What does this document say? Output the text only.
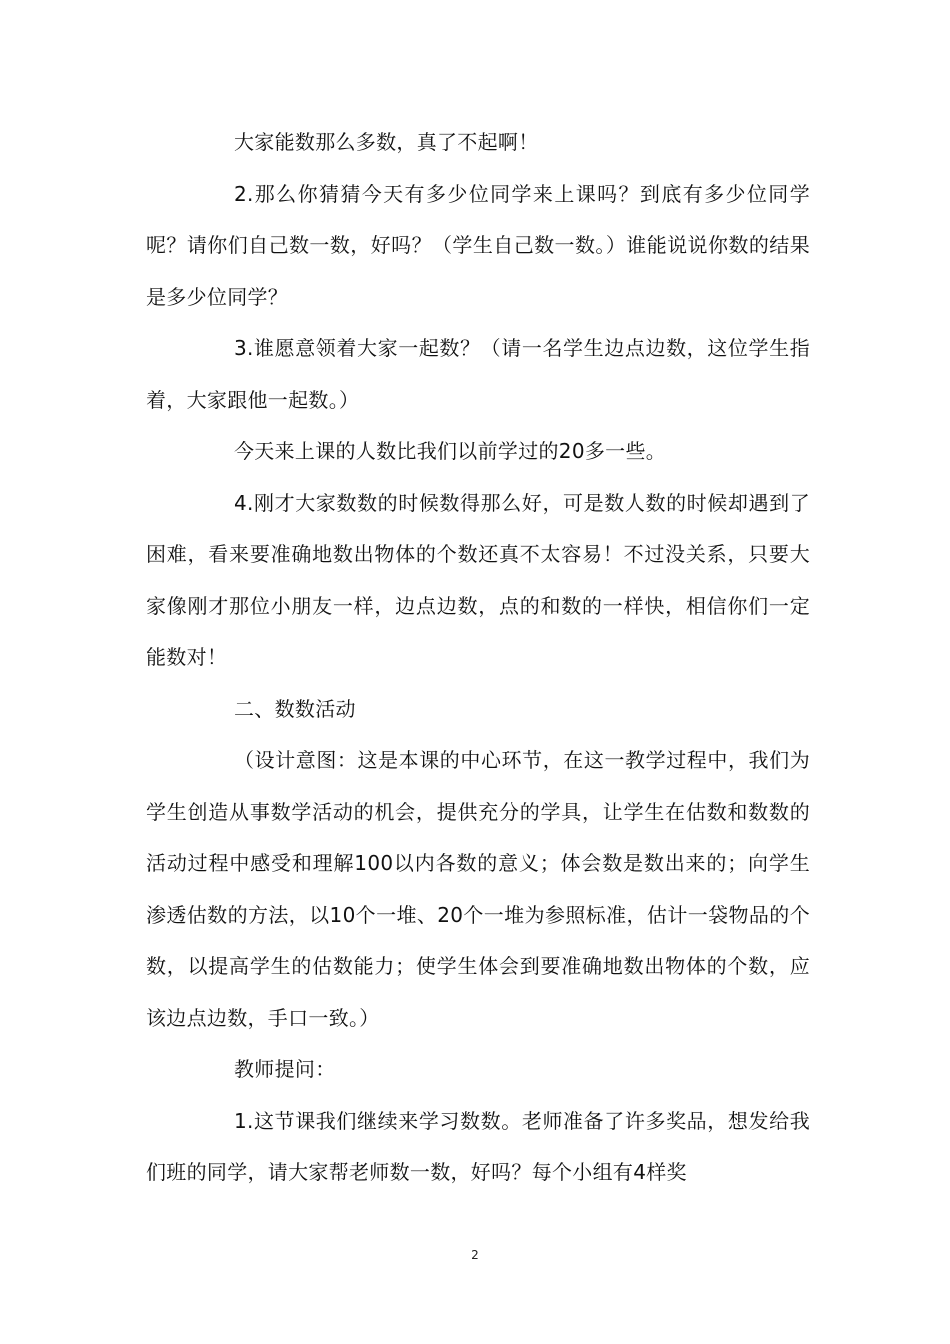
大家能数那么多数，真了不起啊！

2.那么你猜猜今天有多少位同学来上课吗？到底有多少位同学呢？请你们自己数一数，好吗？（学生自己数一数。）谁能说说你数的结果是多少位同学？

3.谁愿意领着大家一起数？（请一名学生边点边数，这位学生指着，大家跟他一起数。）

今天来上课的人数比我们以前学过的20多一些。

4.刚才大家数数的时候数得那么好，可是数人数的时候却遇到了困难，看来要准确地数出物体的个数还真不太容易！不过没关系，只要大家像刚才那位小朋友一样，边点边数，点的和数的一样快，相信你们一定能数对！

二、数数活动

（设计意图：这是本课的中心环节，在这一教学过程中，我们为学生创造从事数学活动的机会，提供充分的学具，让学生在估数和数数的活动过程中感受和理解100以内各数的意义；体会数是数出来的；向学生渗透估数的方法，以10个一堆、20个一堆为参照标准，估计一袋物品的个数，以提高学生的估数能力；使学生体会到要准确地数出物体的个数，应该边点边数，手口一致。）

教师提问：

1.这节课我们继续来学习数数。老师准备了许多奖品，想发给我们班的同学，请大家帮老师数一数，好吗？每个小组有4样奖

2
